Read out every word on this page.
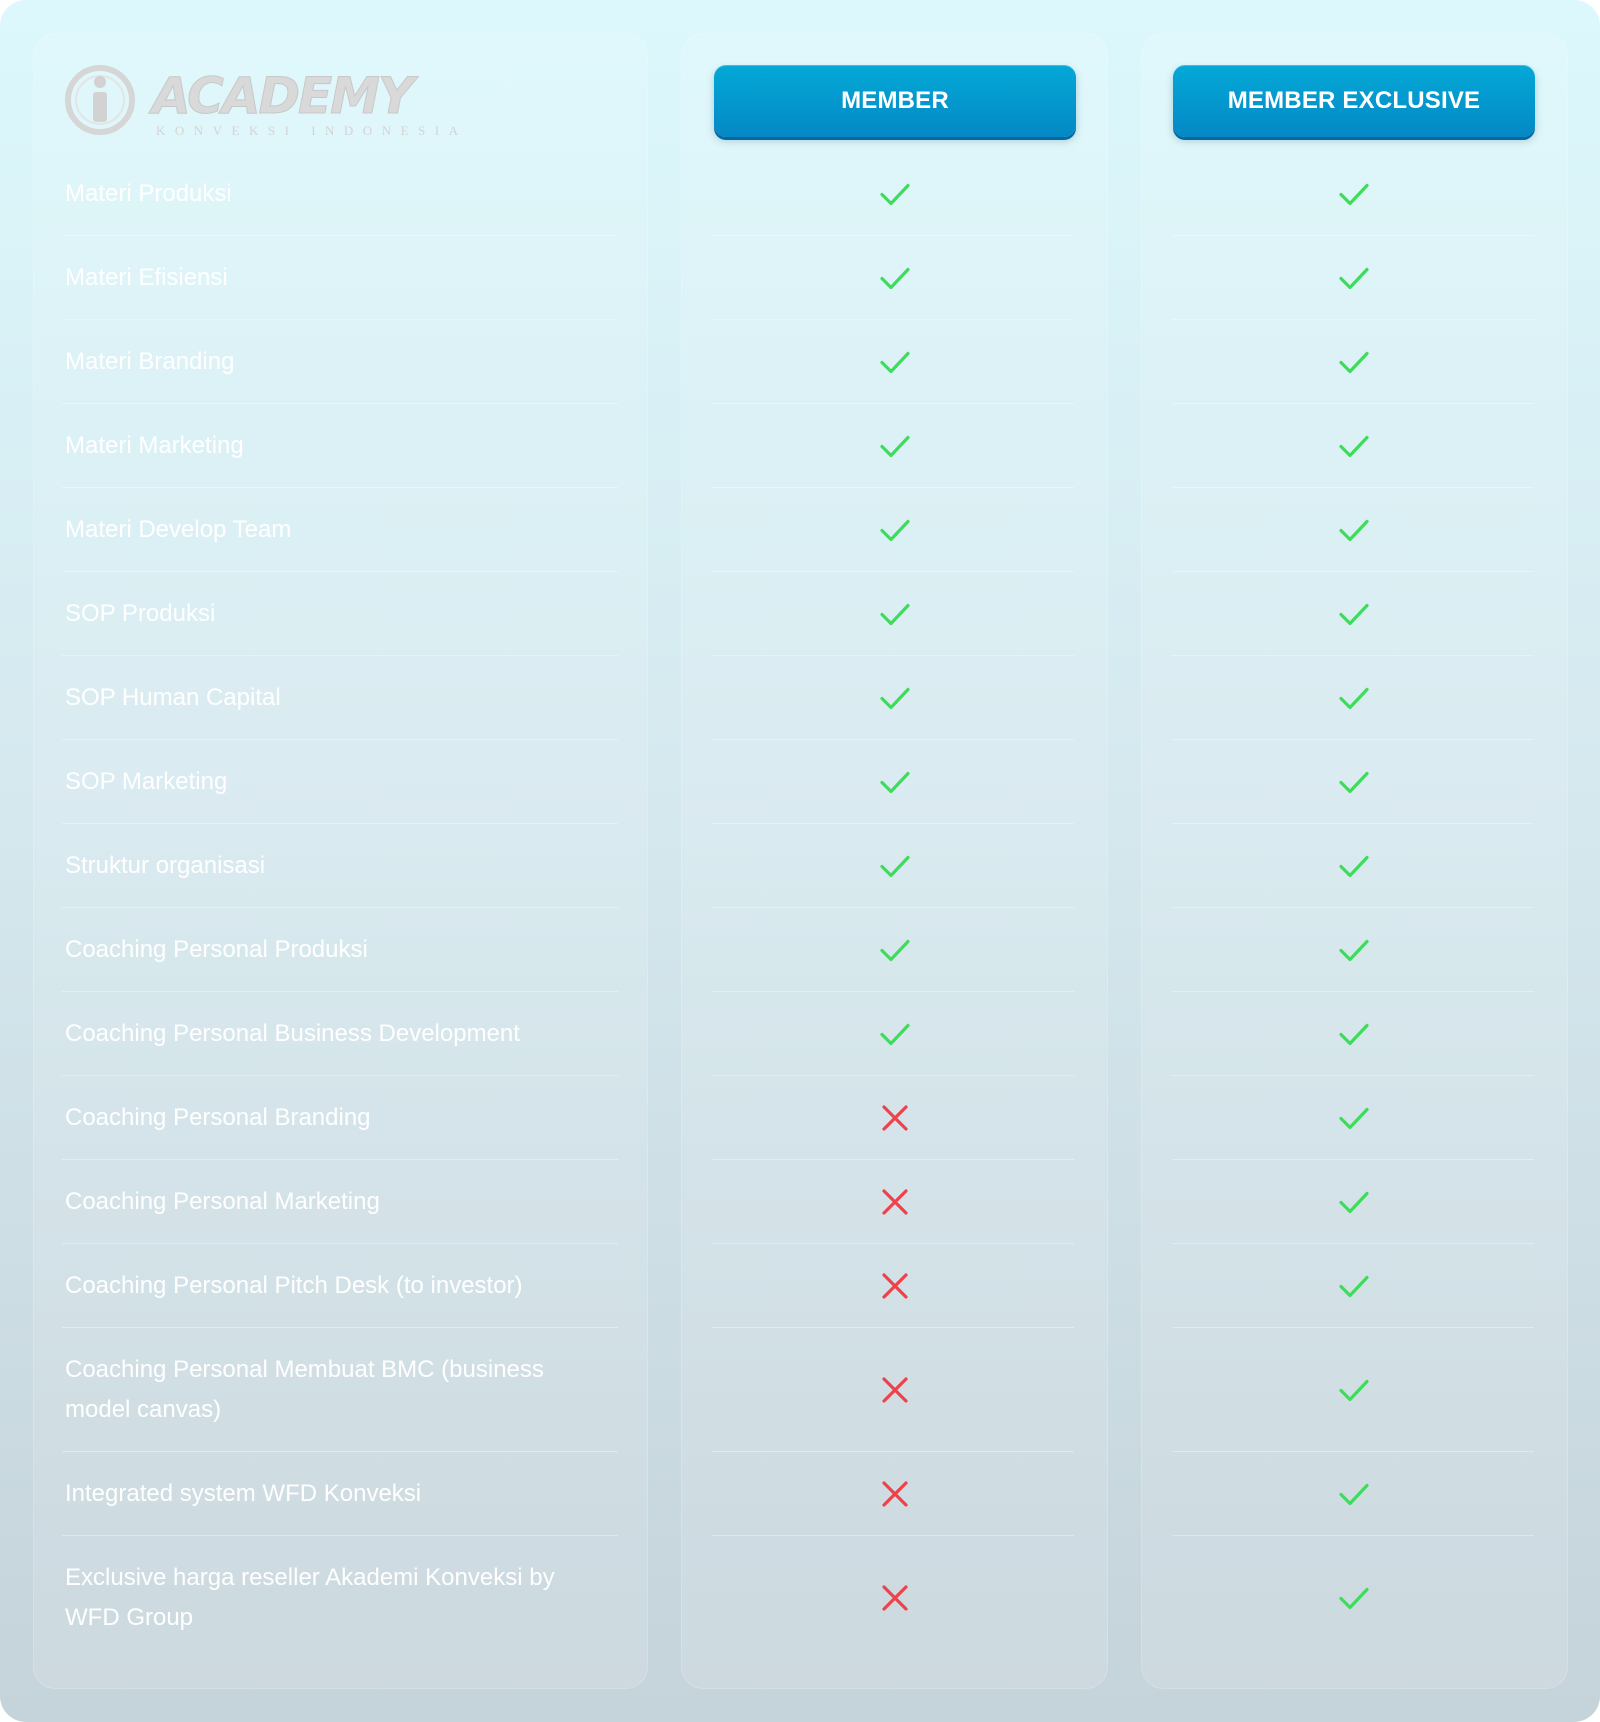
ACADEMY
KONVEKSI INDONESIA
MEMBER	MEMBER EXCLUSIVE
Materi Produksi
Materi Efisiensi
Materi Branding
Materi Marketing
Materi Develop Team
SOP Produksi
SOP Human Capital
SOP Marketing
Struktur organisasi
Coaching Personal Produksi
Coaching Personal Business Development
Coaching Personal Branding
Coaching Personal Marketing
Coaching Personal Pitch Desk (to investor)
Coaching Personal Membuat BMC (business model canvas)
Integrated system WFD Konveksi
Exclusive harga reseller Akademi Konveksi by WFD Group
